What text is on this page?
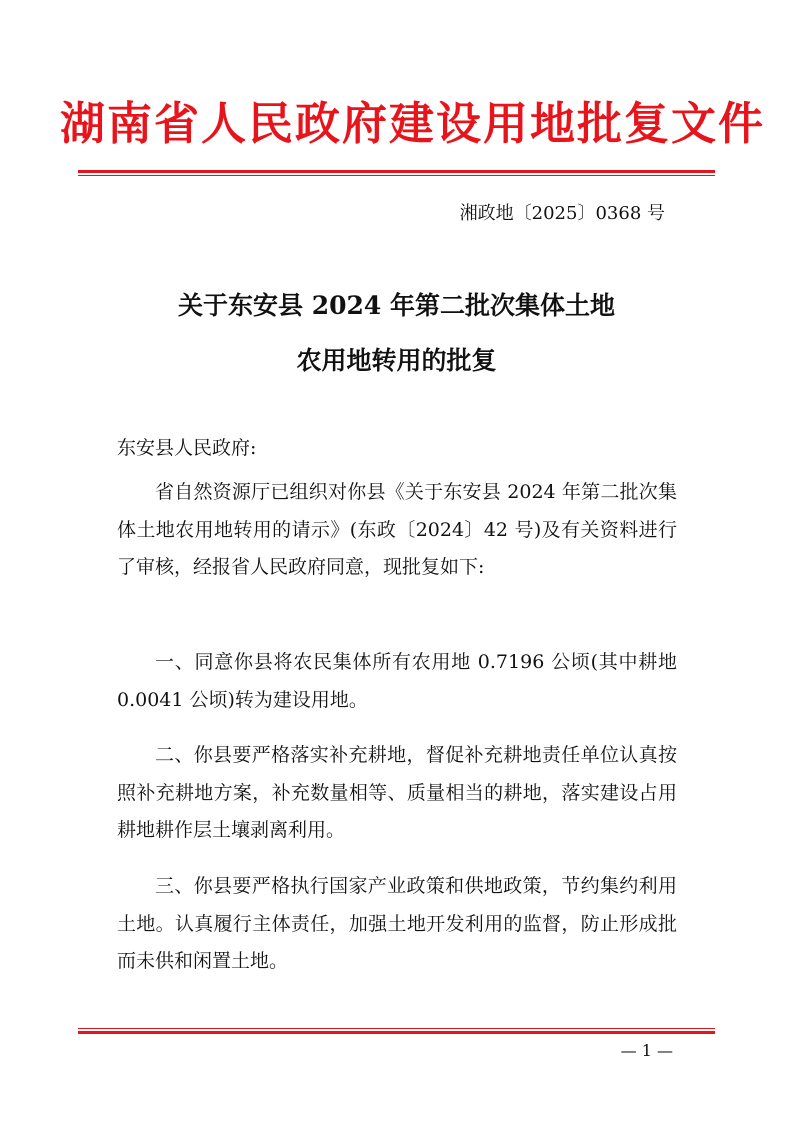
湖南省人民政府建设用地批复文件
湘政地〔2025〕0368 号
关于东安县 2024 年第二批次集体土地
农用地转用的批复
东安县人民政府:

省自然资源厅已组织对你县《关于东安县 2024 年第二批次集体土地农用地转用的请示》(东政〔2024〕42 号)及有关资料进行了审核，经报省人民政府同意，现批复如下:

一、同意你县将农民集体所有农用地 0.7196 公顷(其中耕地 0.0041 公顷)转为建设用地。

二、你县要严格落实补充耕地，督促补充耕地责任单位认真按照补充耕地方案，补充数量相等、质量相当的耕地，落实建设占用耕地耕作层土壤剥离利用。

三、你县要严格执行国家产业政策和供地政策，节约集约利用土地。认真履行主体责任，加强土地开发利用的监督，防止形成批而未供和闲置土地。

— 1 —
